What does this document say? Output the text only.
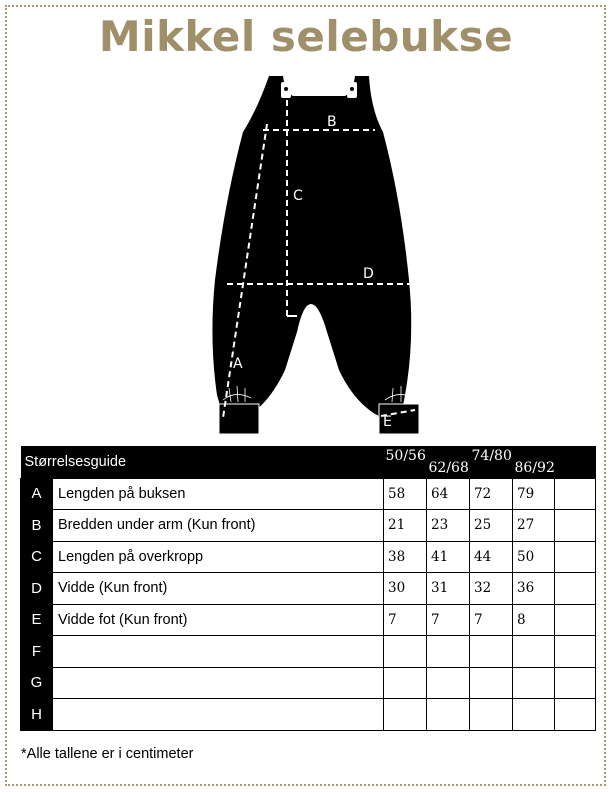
Mikkel selebukse
A
B
C
D
E
Størrelsesguide		50/56	62/68	74/80	86/92	

A	Lengden på buksen	58	64	72	79	
B	Bredden under arm (Kun front)	21	23	25	27	
C	Lengden på overkropp	38	41	44	50	
D	Vidde (Kun front)	30	31	32	36	
E	Vidde fot (Kun front)	7	7	7	8	
F						
G						
H						
*Alle tallene er i centimeter
